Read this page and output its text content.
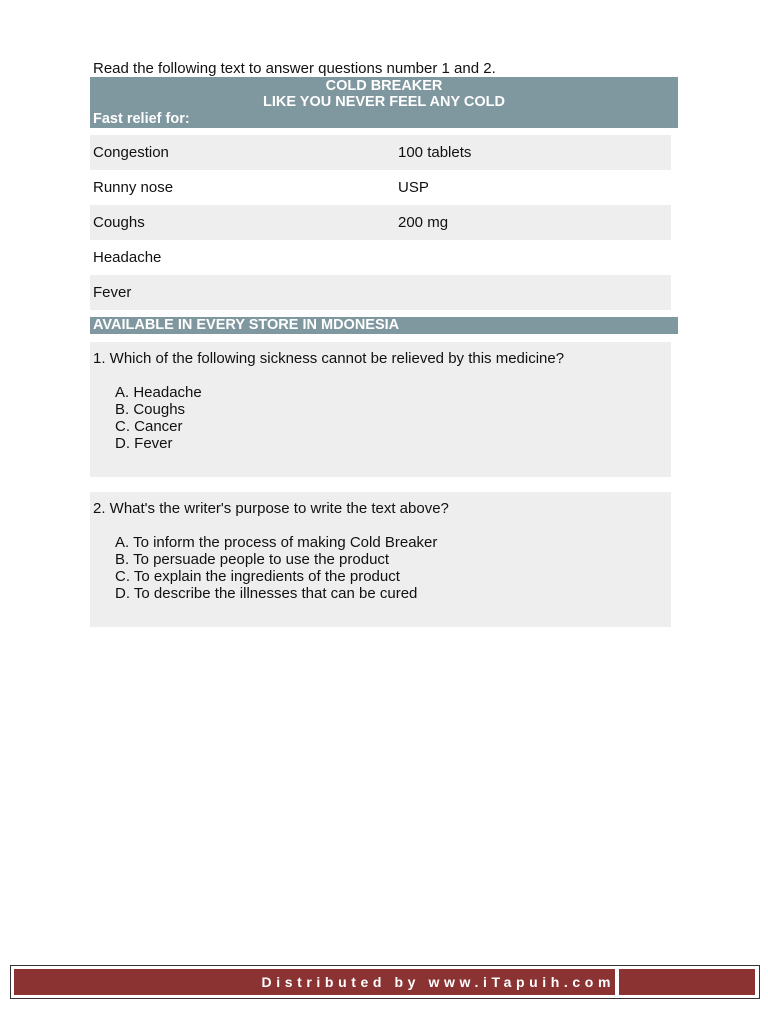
Read the following text to answer questions number 1 and 2.
COLD BREAKER
LIKE YOU NEVER FEEL ANY COLD
Fast relief for:
Congestion	100 tablets
Runny nose	USP
Coughs	200 mg
Headache
Fever
AVAILABLE IN EVERY STORE IN MDONESIA
1. Which of the following sickness cannot be relieved by this medicine?
A. Headache
B. Coughs
C. Cancer
D. Fever
2. What's the writer's purpose to write the text above?
A. To inform the process of making Cold Breaker
B. To persuade people to use the product
C. To explain the ingredients of the product
D. To describe the illnesses that can be cured
Distributed by www.iTapuih.com
